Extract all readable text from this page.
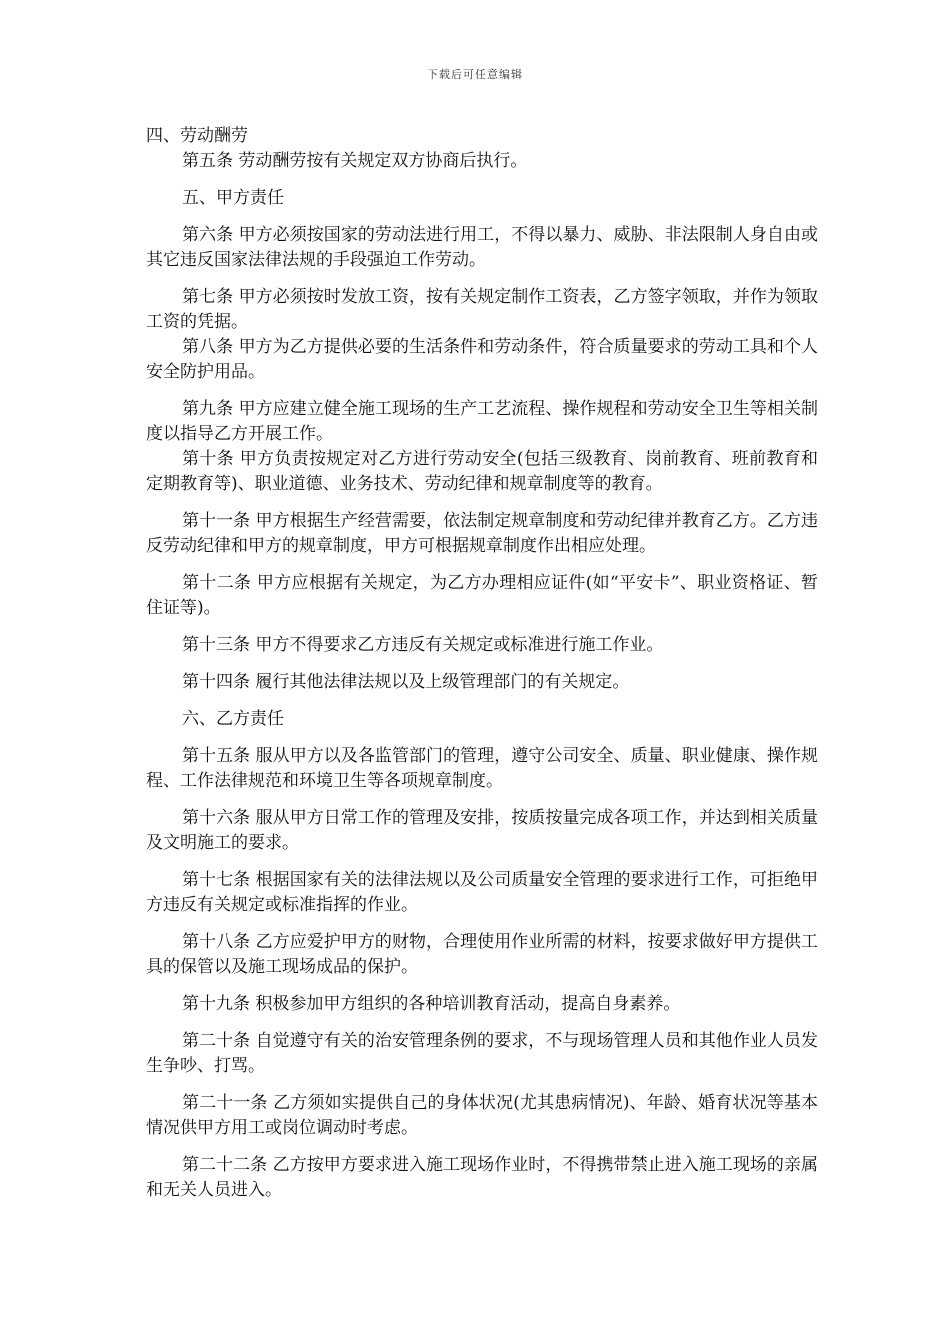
下载后可任意编辑

四、劳动酬劳

第五条 劳动酬劳按有关规定双方协商后执行。

五、甲方责任

第六条 甲方必须按国家的劳动法进行用工，不得以暴力、威胁、非法限制人身自由或其它违反国家法律法规的手段强迫工作劳动。

第七条 甲方必须按时发放工资，按有关规定制作工资表，乙方签字领取，并作为领取工资的凭据。

第八条 甲方为乙方提供必要的生活条件和劳动条件，符合质量要求的劳动工具和个人安全防护用品。

第九条 甲方应建立健全施工现场的生产工艺流程、操作规程和劳动安全卫生等相关制度以指导乙方开展工作。

第十条 甲方负责按规定对乙方进行劳动安全(包括三级教育、岗前教育、班前教育和定期教育等)、职业道德、业务技术、劳动纪律和规章制度等的教育。

第十一条 甲方根据生产经营需要，依法制定规章制度和劳动纪律并教育乙方。乙方违反劳动纪律和甲方的规章制度，甲方可根据规章制度作出相应处理。

第十二条 甲方应根据有关规定，为乙方办理相应证件(如“平安卡”、职业资格证、暂住证等)。

第十三条 甲方不得要求乙方违反有关规定或标准进行施工作业。

第十四条 履行其他法律法规以及上级管理部门的有关规定。

六、乙方责任

第十五条 服从甲方以及各监管部门的管理，遵守公司安全、质量、职业健康、操作规程、工作法律规范和环境卫生等各项规章制度。

第十六条 服从甲方日常工作的管理及安排，按质按量完成各项工作，并达到相关质量及文明施工的要求。

第十七条 根据国家有关的法律法规以及公司质量安全管理的要求进行工作，可拒绝甲方违反有关规定或标准指挥的作业。

第十八条 乙方应爱护甲方的财物，合理使用作业所需的材料，按要求做好甲方提供工具的保管以及施工现场成品的保护。

第十九条 积极参加甲方组织的各种培训教育活动，提高自身素养。

第二十条 自觉遵守有关的治安管理条例的要求，不与现场管理人员和其他作业人员发生争吵、打骂。

第二十一条 乙方须如实提供自己的身体状况(尤其患病情况)、年龄、婚育状况等基本情况供甲方用工或岗位调动时考虑。

第二十二条 乙方按甲方要求进入施工现场作业时，不得携带禁止进入施工现场的亲属和无关人员进入。
